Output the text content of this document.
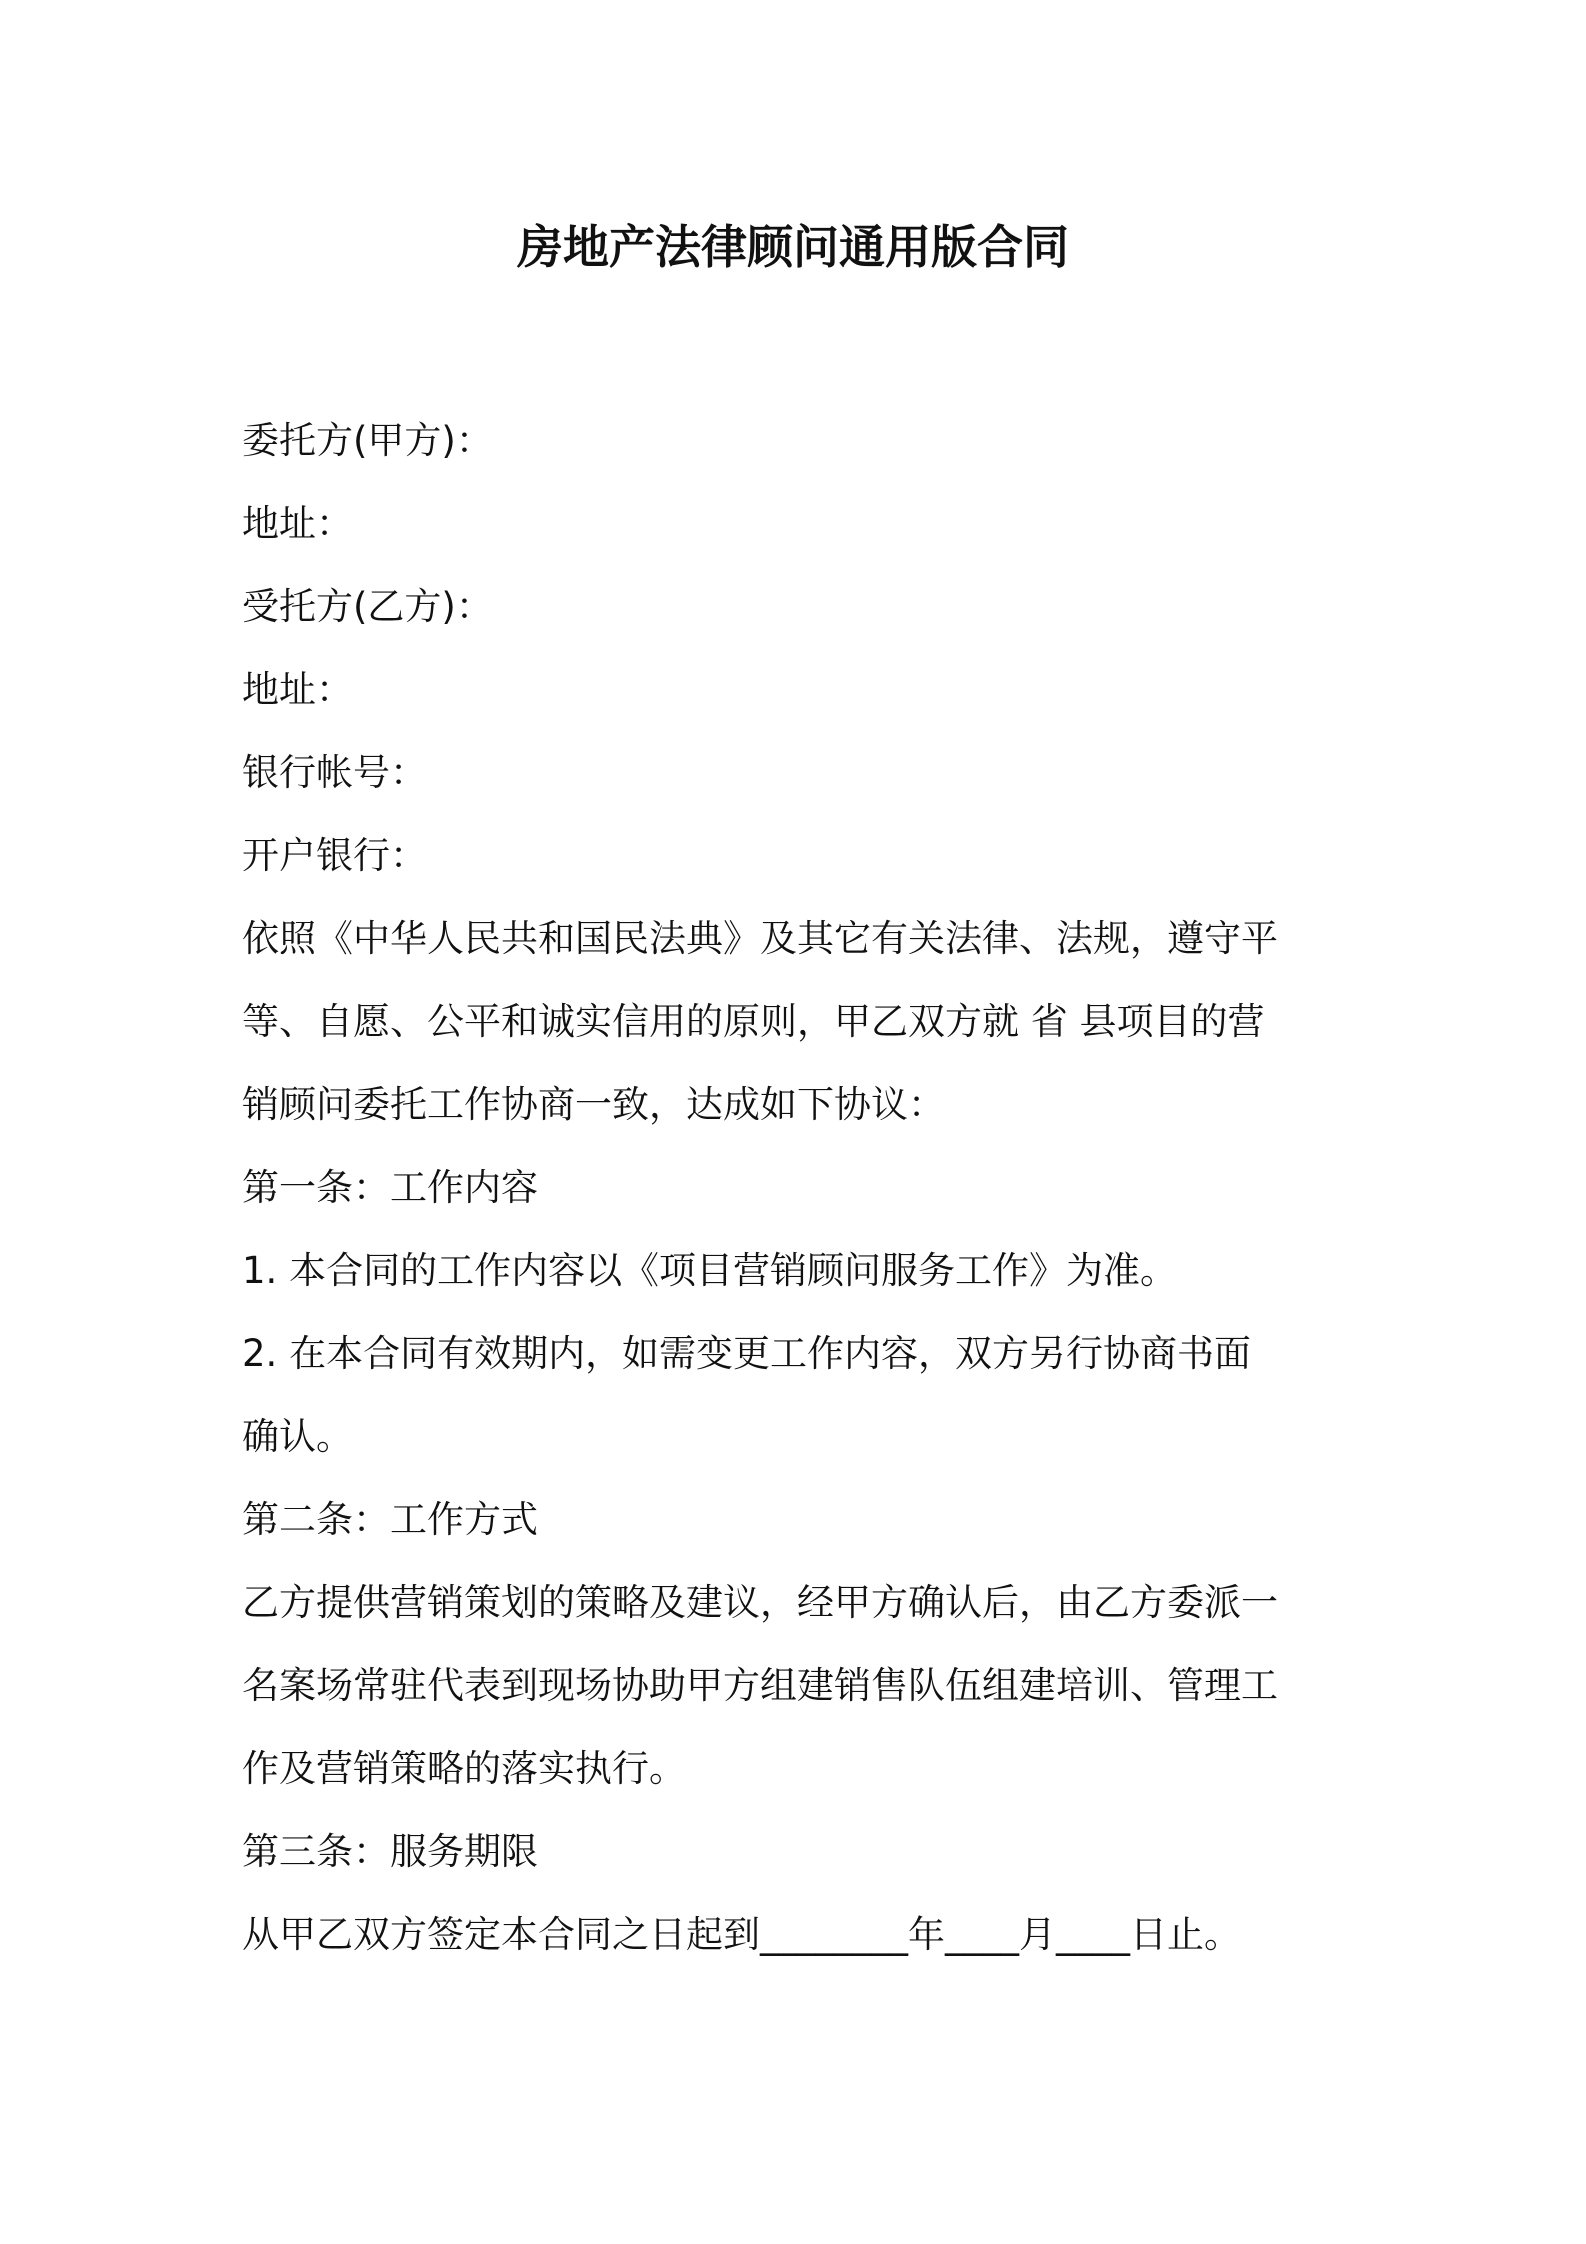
房地产法律顾问通用版合同
委托方(甲方)：
地址：
受托方(乙方)：
地址：
银行帐号：
开户银行：
依照《中华人民共和国民法典》及其它有关法律、法规，遵守平
等、自愿、公平和诚实信用的原则，甲乙双方就 省 县项目的营
销顾问委托工作协商一致，达成如下协议：
第一条：工作内容
1. 本合同的工作内容以《项目营销顾问服务工作》为准。
2. 在本合同有效期内，如需变更工作内容，双方另行协商书面
确认。
第二条：工作方式
乙方提供营销策划的策略及建议，经甲方确认后，由乙方委派一
名案场常驻代表到现场协助甲方组建销售队伍组建培训、管理工
作及营销策略的落实执行。
第三条：服务期限
从甲乙双方签定本合同之日起到________年____月____日止。
